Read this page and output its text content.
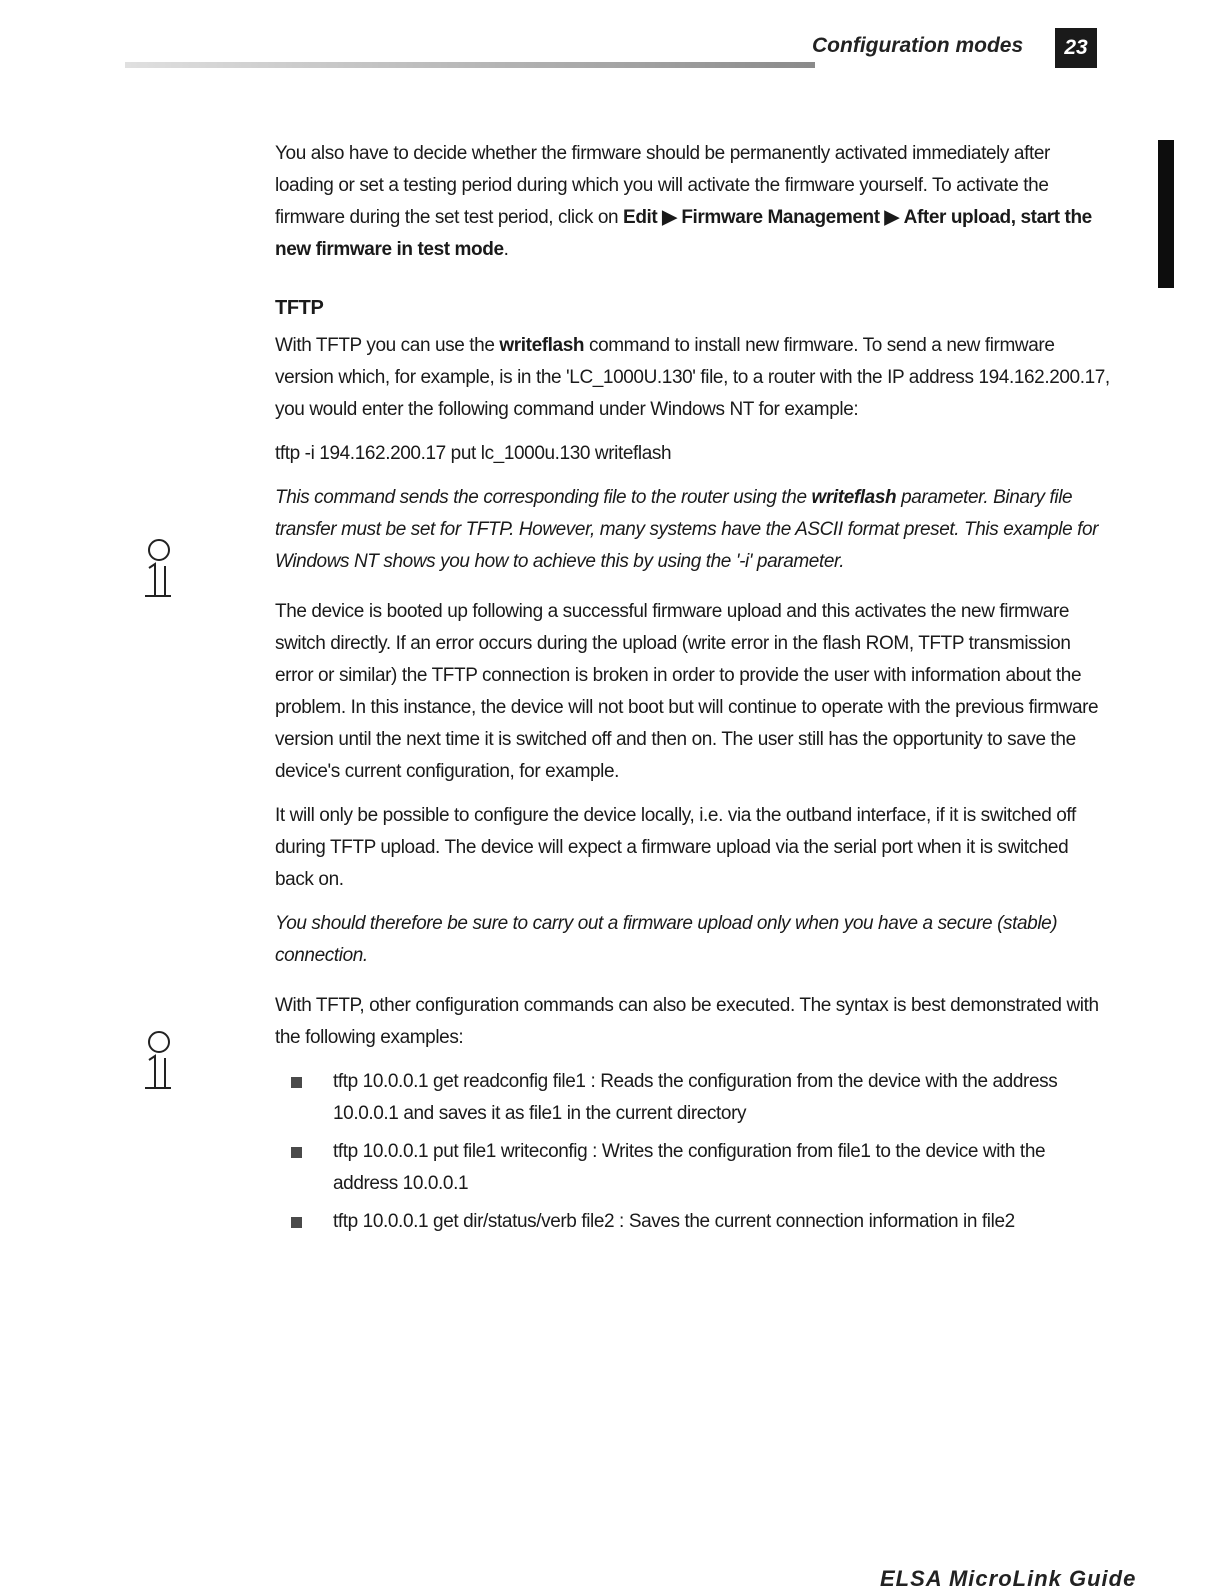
Configuration modes	23

You also have to decide whether the firmware should be permanently activated immediately after loading or set a testing period during which you will activate the firmware yourself. To activate the firmware during the set test period, click on Edit ▶ Firmware Management ▶ After upload, start the new firmware in test mode.

TFTP

With TFTP you can use the writeflash command to install new firmware. To send a new firmware version which, for example, is in the 'LC_1000U.130' file, to a router with the IP address 194.162.200.17, you would enter the following command under Windows NT for example:

tftp -i 194.162.200.17 put lc_1000u.130 writeflash

This command sends the corresponding file to the router using the writeflash parameter. Binary file transfer must be set for TFTP. However, many systems have the ASCII format preset. This example for Windows NT shows you how to achieve this by using the '-i' parameter.

The device is booted up following a successful firmware upload and this activates the new firmware switch directly. If an error occurs during the upload (write error in the flash ROM, TFTP transmission error or similar) the TFTP connection is broken in order to provide the user with information about the problem. In this instance, the device will not boot but will continue to operate with the previous firmware version until the next time it is switched off and then on. The user still has the opportunity to save the device's current configuration, for example.

It will only be possible to configure the device locally, i.e. via the outband interface, if it is switched off during TFTP upload. The device will expect a firmware upload via the serial port when it is switched back on.

You should therefore be sure to carry out a firmware upload only when you have a secure (stable) connection.

With TFTP, other configuration commands can also be executed. The syntax is best demonstrated with the following examples:

tftp 10.0.0.1 get readconfig file1 : Reads the configuration from the device with the address 10.0.0.1 and saves it as file1 in the current directory
tftp 10.0.0.1 put file1 writeconfig : Writes the configuration from file1 to the device with the address 10.0.0.1
tftp 10.0.0.1 get dir/status/verb file2 : Saves the current connection information in file2
ELSA MicroLink Guide
